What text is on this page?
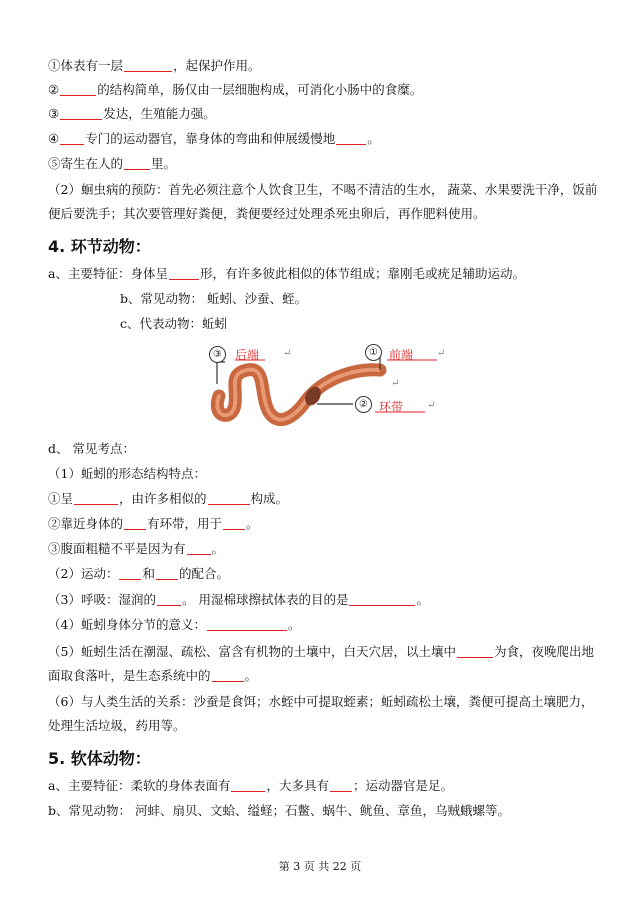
①体表有一层	，起保护作用。
②	的结构简单，肠仅由一层细胞构成，可消化小肠中的食糜。
③	发达，生殖能力强。
④ 专门的运动器官，靠身体的弯曲和伸展缓慢地	。
⑤寄生在人的 里。
（2）蛔虫病的预防：首先必须注意个人饮食卫生，不喝不清洁的生水， 蔬菜、水果要洗干净，饭前便后要洗手；其次要管理好粪便，粪便要经过处理杀死虫卵后，再作肥料使用。
4. 环节动物：
a、主要特征：身体呈	形，有许多彼此相似的体节组成；靠刚毛或疣足辅助运动。
b、常见动物： 蚯蚓、沙蚕、蛭。
c、代表动物：蚯蚓
③	后端 ↵	① 前端 ↵
↵
② 环带 ↵
d、 常见考点：
（1）蚯蚓的形态结构特点：
①呈	，由许多相似的	构成。
②靠近身体的 有环带，用于 。
③腹面粗糙不平是因为有 。
（2）运动： 和 的配合。
（3）呼吸：湿润的 。 用湿棉球擦拭体表的目的是	。
（4）蚯蚓身体分节的意义：	。
（5）蚯蚓生活在潮湿、疏松、富含有机物的土壤中，白天穴居，以土壤中	为食，夜晚爬出地面取食落叶，是生态系统中的	。
（6）与人类生活的关系：沙蚕是食饵；水蛭中可提取蛭素；蚯蚓疏松土壤，粪便可提高土壤肥力，处理生活垃圾，药用等。
5. 软体动物：
a、主要特征：柔软的身体表面有	，大多具有 ；运动器官是足。
b、常见动物： 河蚌、扇贝、文蛤、缢蛏；石鳖、蜗牛、鱿鱼、章鱼，乌贼蛾螺等。
第 3 页 共 22 页
